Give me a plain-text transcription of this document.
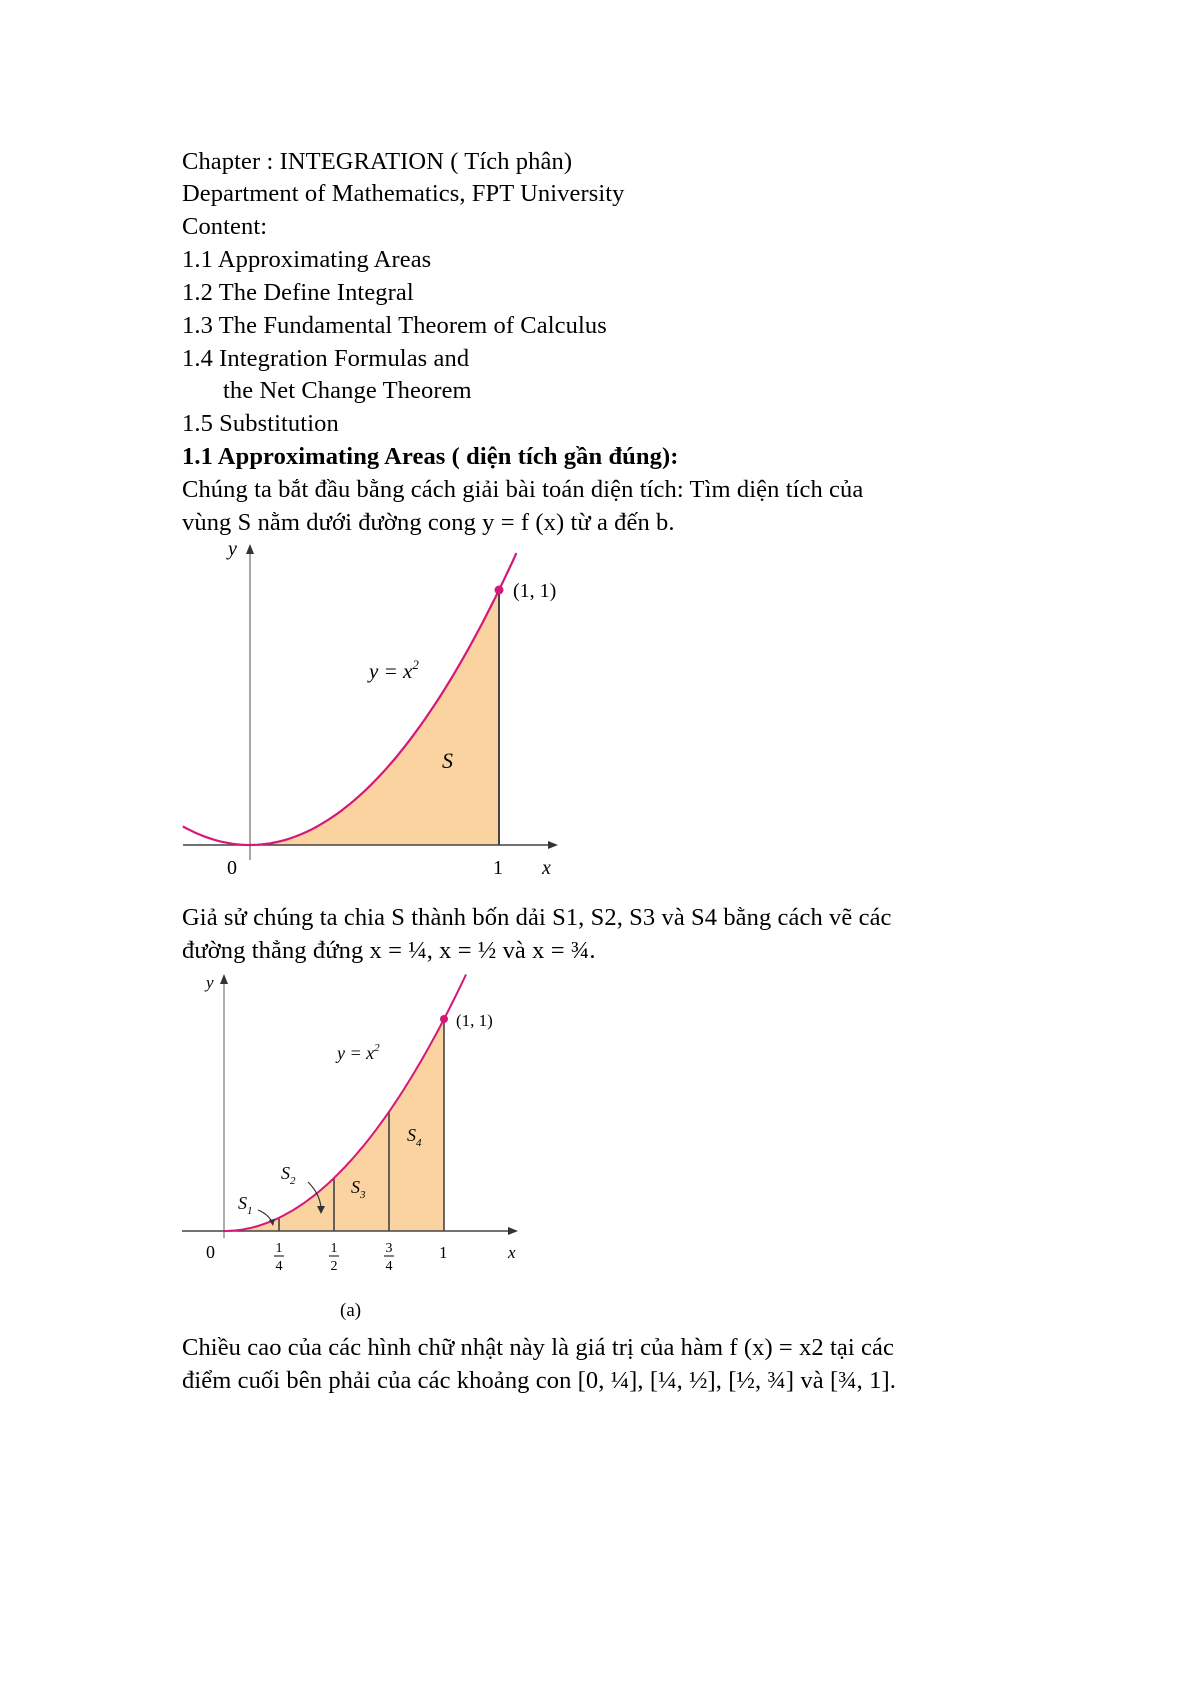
Chapter : INTEGRATION ( Tích phân)
Department of Mathematics, FPT University
Content:
1.1 Approximating Areas
1.2 The Define Integral
1.3 The Fundamental Theorem of Calculus
1.4 Integration Formulas and
the Net Change Theorem
1.5 Substitution
1.1 Approximating Areas ( diện tích gần đúng):
Chúng ta bắt đầu bằng cách giải bài toán diện tích: Tìm diện tích của
vùng S nằm dưới đường cong y = f (x) từ a đến b.
y
x
0	1
(1, 1)
$y = x^2$
S
Giả sử chúng ta chia S thành bốn dải S1, S2, S3 và S4 bằng cách vẽ các
đường thẳng đứng x = ¼, x = ½ và x = ¾.
y
x
0	1
4
1
2
3
4
1
(1, 1)
$y = x^2$
$S_1$
$S_2$	$S_3$
$S_4$
(a)
Chiều cao của các hình chữ nhật này là giá trị của hàm f (x) = x2 tại các
điểm cuối bên phải của các khoảng con [0, ¼], [¼, ½], [½, ¾] và [¾, 1].
